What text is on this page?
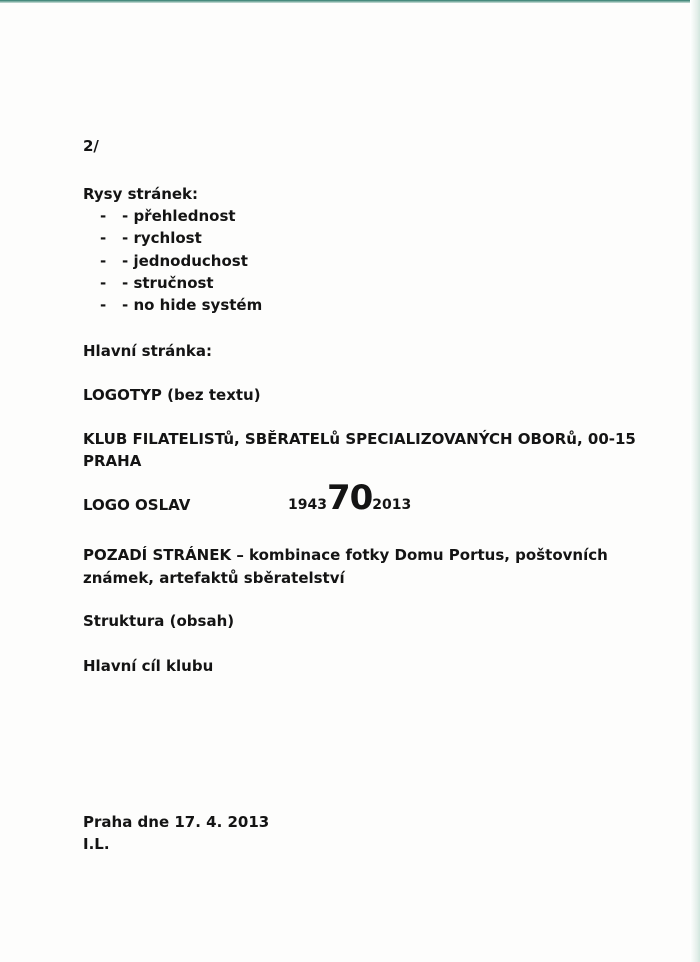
2/

Rysy stránek:

-	- přehlednost
-	- rychlost
-	- jednoduchost
-	- stručnost
-	- no hide systém

Hlavní stránka:

LOGOTYP (bez textu)

KLUB FILATELISTů, SBĚRATELů SPECIALIZOVANÝCH OBORů, 00-15

PRAHA

LOGO OSLAV	1943702013

POZADÍ STRÁNEK – kombinace fotky Domu Portus, poštovních

známek, artefaktů sběratelství

Struktura (obsah)

Hlavní cíl klubu

Praha dne 17. 4. 2013

I.L.
